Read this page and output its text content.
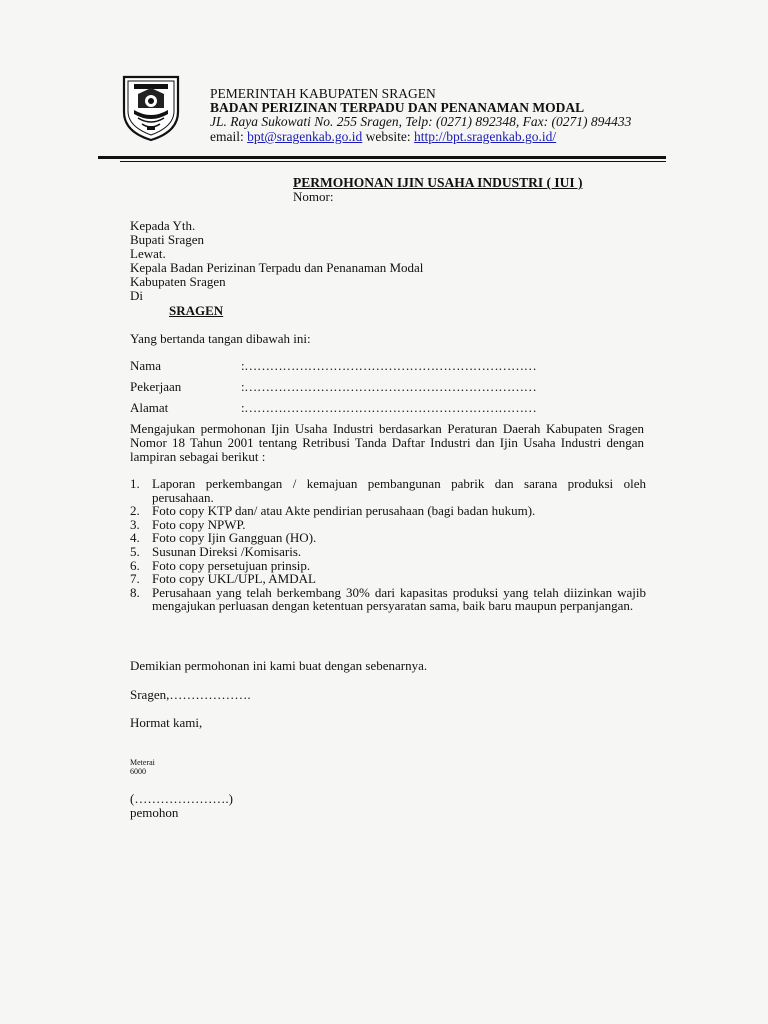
PEMERINTAH KABUPATEN SRAGEN
BADAN PERIZINAN TERPADU DAN PENANAMAN MODAL
JL. Raya Sukowati No. 255 Sragen, Telp: (0271) 892348, Fax: (0271) 894433
email: bpt@sragenkab.go.id website: http://bpt.sragenkab.go.id/
PERMOHONAN IJIN USAHA INDUSTRI ( IUI )
Nomor:
Kepada Yth.
Bupati Sragen
Lewat.
Kepala Badan Perizinan Terpadu dan Penanaman Modal
Kabupaten Sragen
Di
SRAGEN
Yang bertanda tangan dibawah ini:
Nama	:……………………………………………………………
Pekerjaan	:……………………………………………………………
Alamat	:……………………………………………………………
Mengajukan permohonan Ijin Usaha Industri berdasarkan Peraturan Daerah Kabupaten Sragen Nomor 18 Tahun 2001 tentang Retribusi Tanda Daftar Industri dan Ijin Usaha Industri dengan lampiran sebagai berikut :
1. Laporan perkembangan / kemajuan pembangunan pabrik dan sarana produksi oleh perusahaan.
2. Foto copy KTP dan/ atau Akte pendirian perusahaan (bagi badan hukum).
3. Foto copy NPWP.
4. Foto copy Ijin Gangguan (HO).
5. Susunan Direksi /Komisaris.
6. Foto copy persetujuan prinsip.
7. Foto copy UKL/UPL, AMDAL
8. Perusahaan yang telah berkembang 30% dari kapasitas produksi yang telah diizinkan wajib mengajukan perluasan dengan ketentuan persyaratan sama, baik baru maupun perpanjangan.
Demikian permohonan ini kami buat dengan sebenarnya.
Sragen,……………….
Hormat kami,
Meterai
6000
(………………….)
pemohon
